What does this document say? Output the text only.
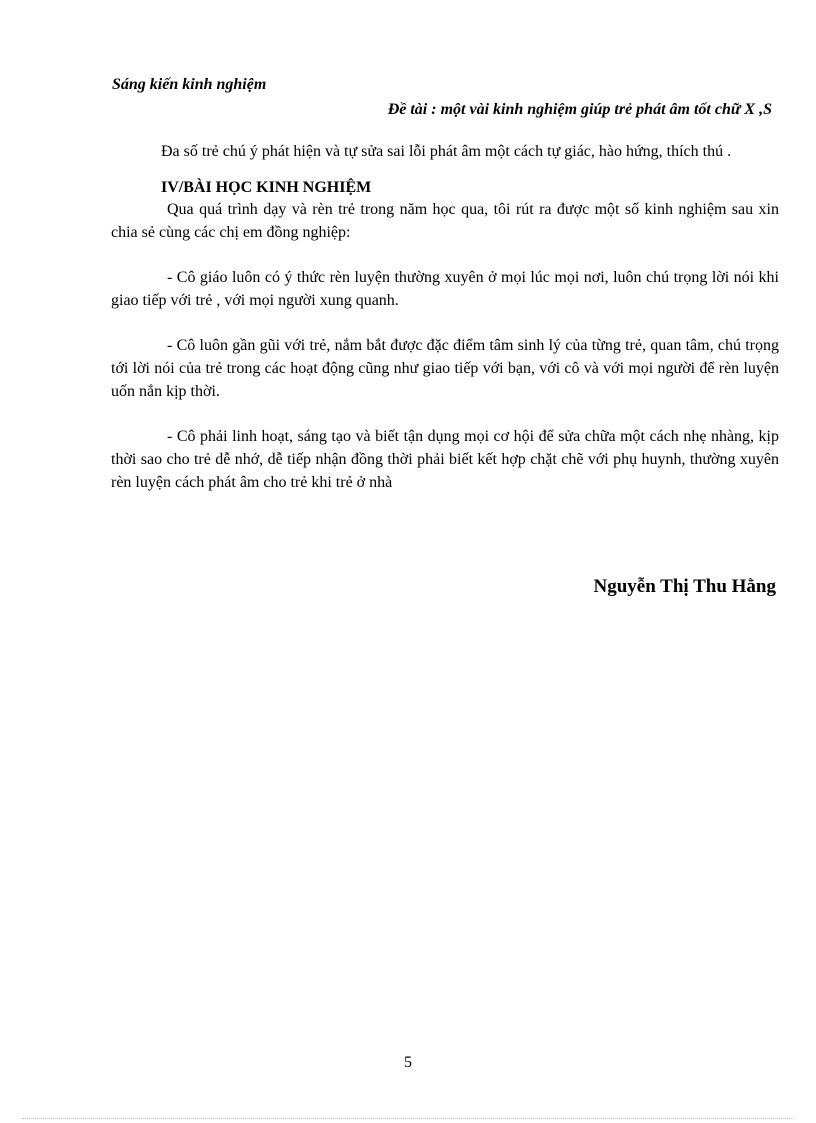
Sáng kiến kinh nghiệm
Đề tài : một vài kinh nghiệm giúp trẻ phát âm tốt chữ X ,S

Đa số trẻ chú ý phát hiện và tự sửa sai lỗi phát âm một cách tự giác, hào hứng, thích thú .

IV/BÀI HỌC KINH NGHIỆM

Qua quá trình dạy và rèn trẻ trong năm học qua, tôi rút ra được một số kinh nghiệm sau xin chia sẻ cùng các chị em đồng nghiệp:

- Cô giáo luôn có ý thức rèn luyện thường xuyên ở mọi lúc mọi nơi, luôn chú trọng lời nói khi giao tiếp với trẻ , với mọi người xung quanh.

- Cô luôn gần gũi với trẻ, nắm bắt được đặc điểm tâm sinh lý của từng trẻ, quan tâm, chú trọng tới lời nói của trẻ trong các hoạt động cũng như giao tiếp với bạn, với cô và với mọi người để rèn luyện uốn nắn kịp thời.

- Cô phải linh hoạt, sáng tạo và biết tận dụng mọi cơ hội để sửa chữa một cách nhẹ nhàng, kịp thời sao cho trẻ dễ nhớ, dễ tiếp nhận đồng thời phải biết kết hợp chặt chẽ với phụ huynh, thường xuyên rèn luyện cách phát âm cho trẻ khi trẻ ở nhà

Nguyễn Thị Thu Hằng
5
